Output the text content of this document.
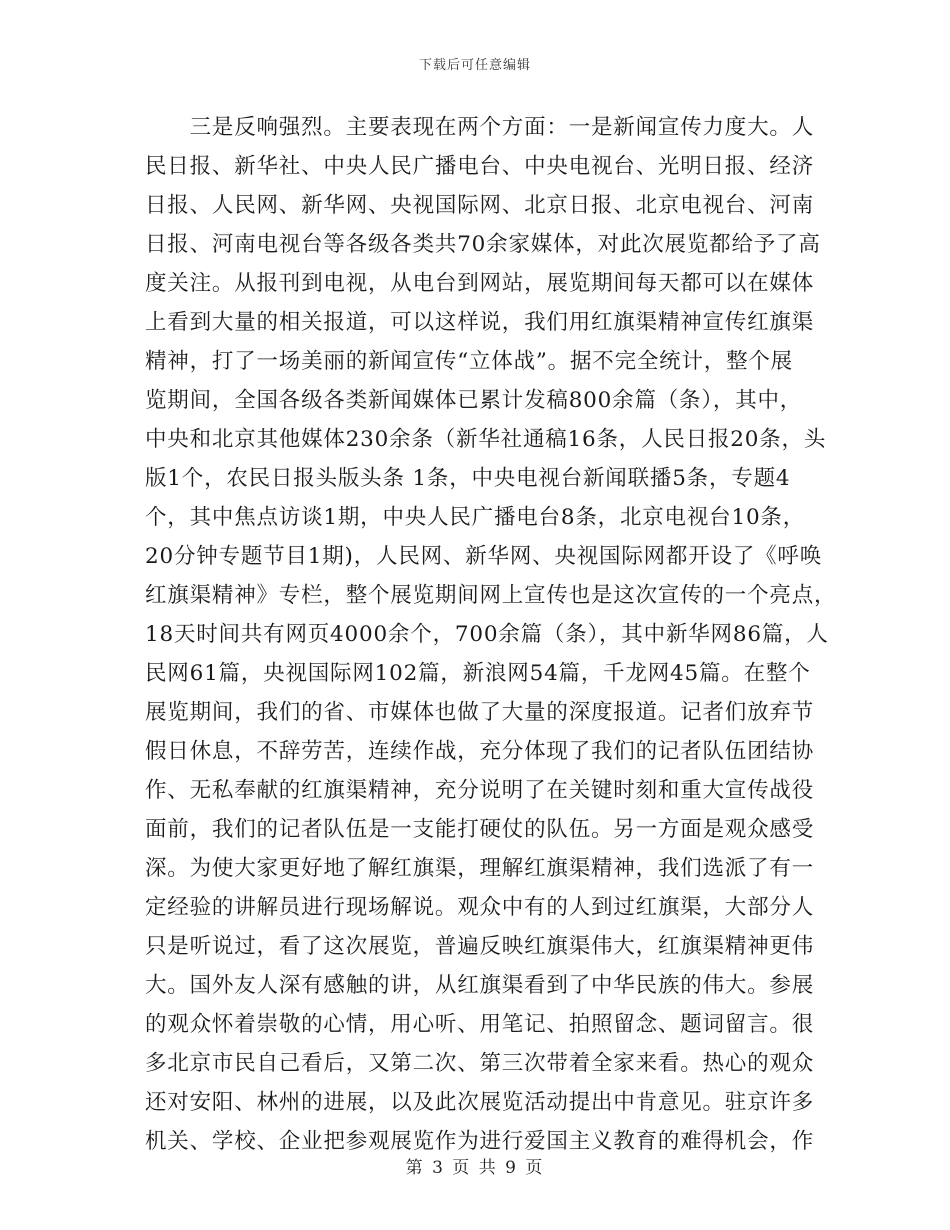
下载后可任意编辑
　　三是反响强烈。主要表现在两个方面：一是新闻宣传力度大。人
民日报、新华社、中央人民广播电台、中央电视台、光明日报、经济
日报、人民网、新华网、央视国际网、北京日报、北京电视台、河南
日报、河南电视台等各级各类共70余家媒体，对此次展览都给予了高
度关注。从报刊到电视，从电台到网站，展览期间每天都可以在媒体
上看到大量的相关报道，可以这样说，我们用红旗渠精神宣传红旗渠
精神，打了一场美丽的新闻宣传“立体战”。据不完全统计，整个展
览期间，全国各级各类新闻媒体已累计发稿800余篇（条），其中，
中央和北京其他媒体230余条（新华社通稿16条，人民日报20条，头
版1个，农民日报头版头条 1条，中央电视台新闻联播5条，专题4
个，其中焦点访谈1期，中央人民广播电台8条，北京电视台10条，
20分钟专题节目1期)，人民网、新华网、央视国际网都开设了《呼唤
红旗渠精神》专栏，整个展览期间网上宣传也是这次宣传的一个亮点，
18天时间共有网页4000余个，700余篇（条），其中新华网86篇，人
民网61篇，央视国际网102篇，新浪网54篇，千龙网45篇。在整个
展览期间，我们的省、市媒体也做了大量的深度报道。记者们放弃节
假日休息，不辞劳苦，连续作战，充分体现了我们的记者队伍团结协
作、无私奉献的红旗渠精神，充分说明了在关键时刻和重大宣传战役
面前，我们的记者队伍是一支能打硬仗的队伍。另一方面是观众感受
深。为使大家更好地了解红旗渠，理解红旗渠精神，我们选派了有一
定经验的讲解员进行现场解说。观众中有的人到过红旗渠，大部分人
只是听说过，看了这次展览，普遍反映红旗渠伟大，红旗渠精神更伟
大。国外友人深有感触的讲，从红旗渠看到了中华民族的伟大。参展
的观众怀着崇敬的心情，用心听、用笔记、拍照留念、题词留言。很
多北京市民自己看后，又第二次、第三次带着全家来看。热心的观众
还对安阳、林州的进展，以及此次展览活动提出中肯意见。驻京许多
机关、学校、企业把参观展览作为进行爱国主义教育的难得机会，作
第 3 页 共 9 页
